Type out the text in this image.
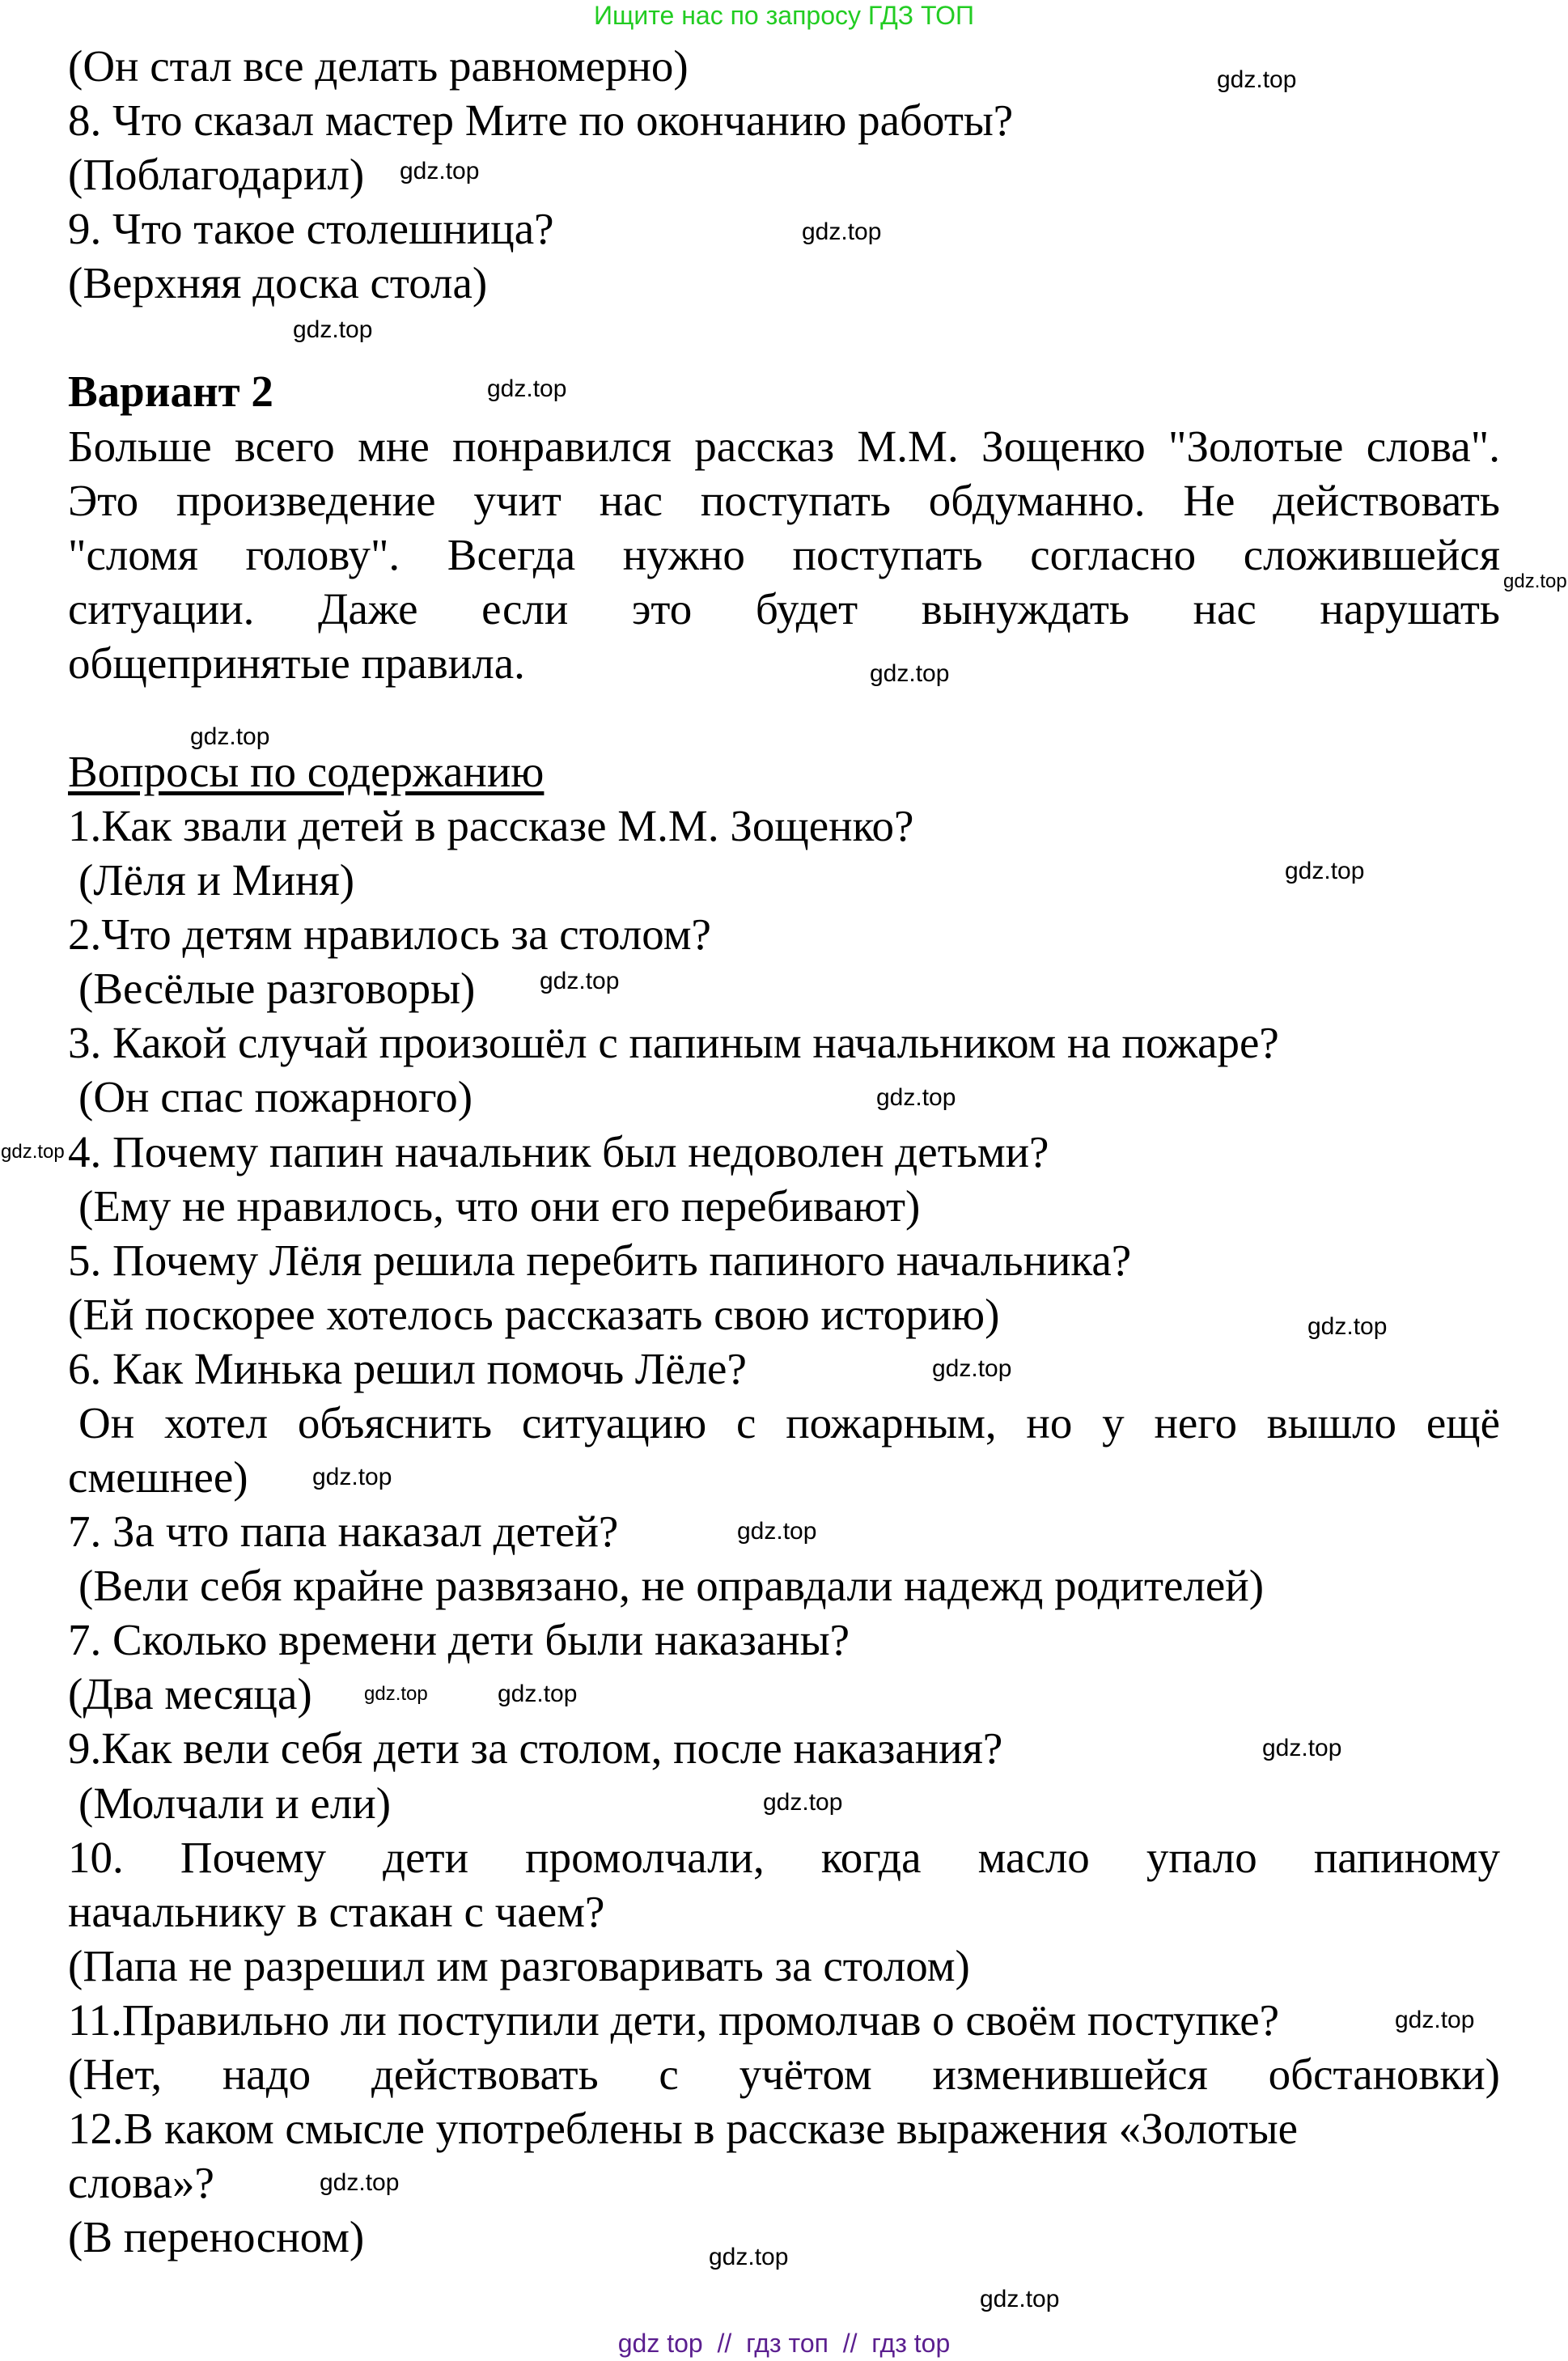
Ищите нас по запросу ГДЗ ТОП
(Он стал все делать равномерно)
8. Что сказал мастер Мите по окончанию работы?
(Поблагодарил)
9. Что такое столешница?
(Верхняя доска стола)
Вариант 2
Больше всего мне понравился рассказ М.М. Зощенко "Золотые слова".
Это произведение учит нас поступать обдуманно. Не действовать
"сломя голову". Всегда нужно поступать согласно сложившейся
ситуации. Даже если это будет вынуждать нас нарушать
общепринятые правила.
Вопросы по содержанию
1.Как звали детей в рассказе М.М. Зощенко?
(Лёля и Миня)
2.Что детям нравилось за столом?
(Весёлые разговоры)
3. Какой случай произошёл с папиным начальником на пожаре?
(Он спас пожарного)
4. Почему папин начальник был недоволен детьми?
(Ему не нравилось, что они его перебивают)
5. Почему Лёля решила перебить папиного начальника?
(Ей поскорее хотелось рассказать свою историю)
6. Как Минька решил помочь Лёле?
Он хотел объяснить ситуацию с пожарным, но у него вышло ещё
смешнее)
7. За что папа наказал детей?
(Вели себя крайне развязано, не оправдали надежд родителей)
7. Сколько времени дети были наказаны?
(Два месяца)
9.Как вели себя дети за столом, после наказания?
(Молчали и ели)
10. Почему дети промолчали, когда масло упало папиному
начальнику в стакан с чаем?
(Папа не разрешил им разговаривать за столом)
11.Правильно ли поступили дети, промолчав о своём поступке?
(Нет, надо действовать с учётом изменившейся обстановки)
12.В каком смысле употреблены в рассказе выражения «Золотые
слова»?
(В переносном)
gdz top  //  гдз топ  //  гдз top
gdz.top
gdz.top
gdz.top
gdz.top
gdz.top
gdz.top
gdz.top
gdz.top
gdz.top
gdz.top
gdz.top
gdz.top
gdz.top
gdz.top
gdz.top
gdz.top
gdz.top	gdz.top
gdz.top
gdz.top
gdz.top
gdz.top
gdz.top
gdz.top
